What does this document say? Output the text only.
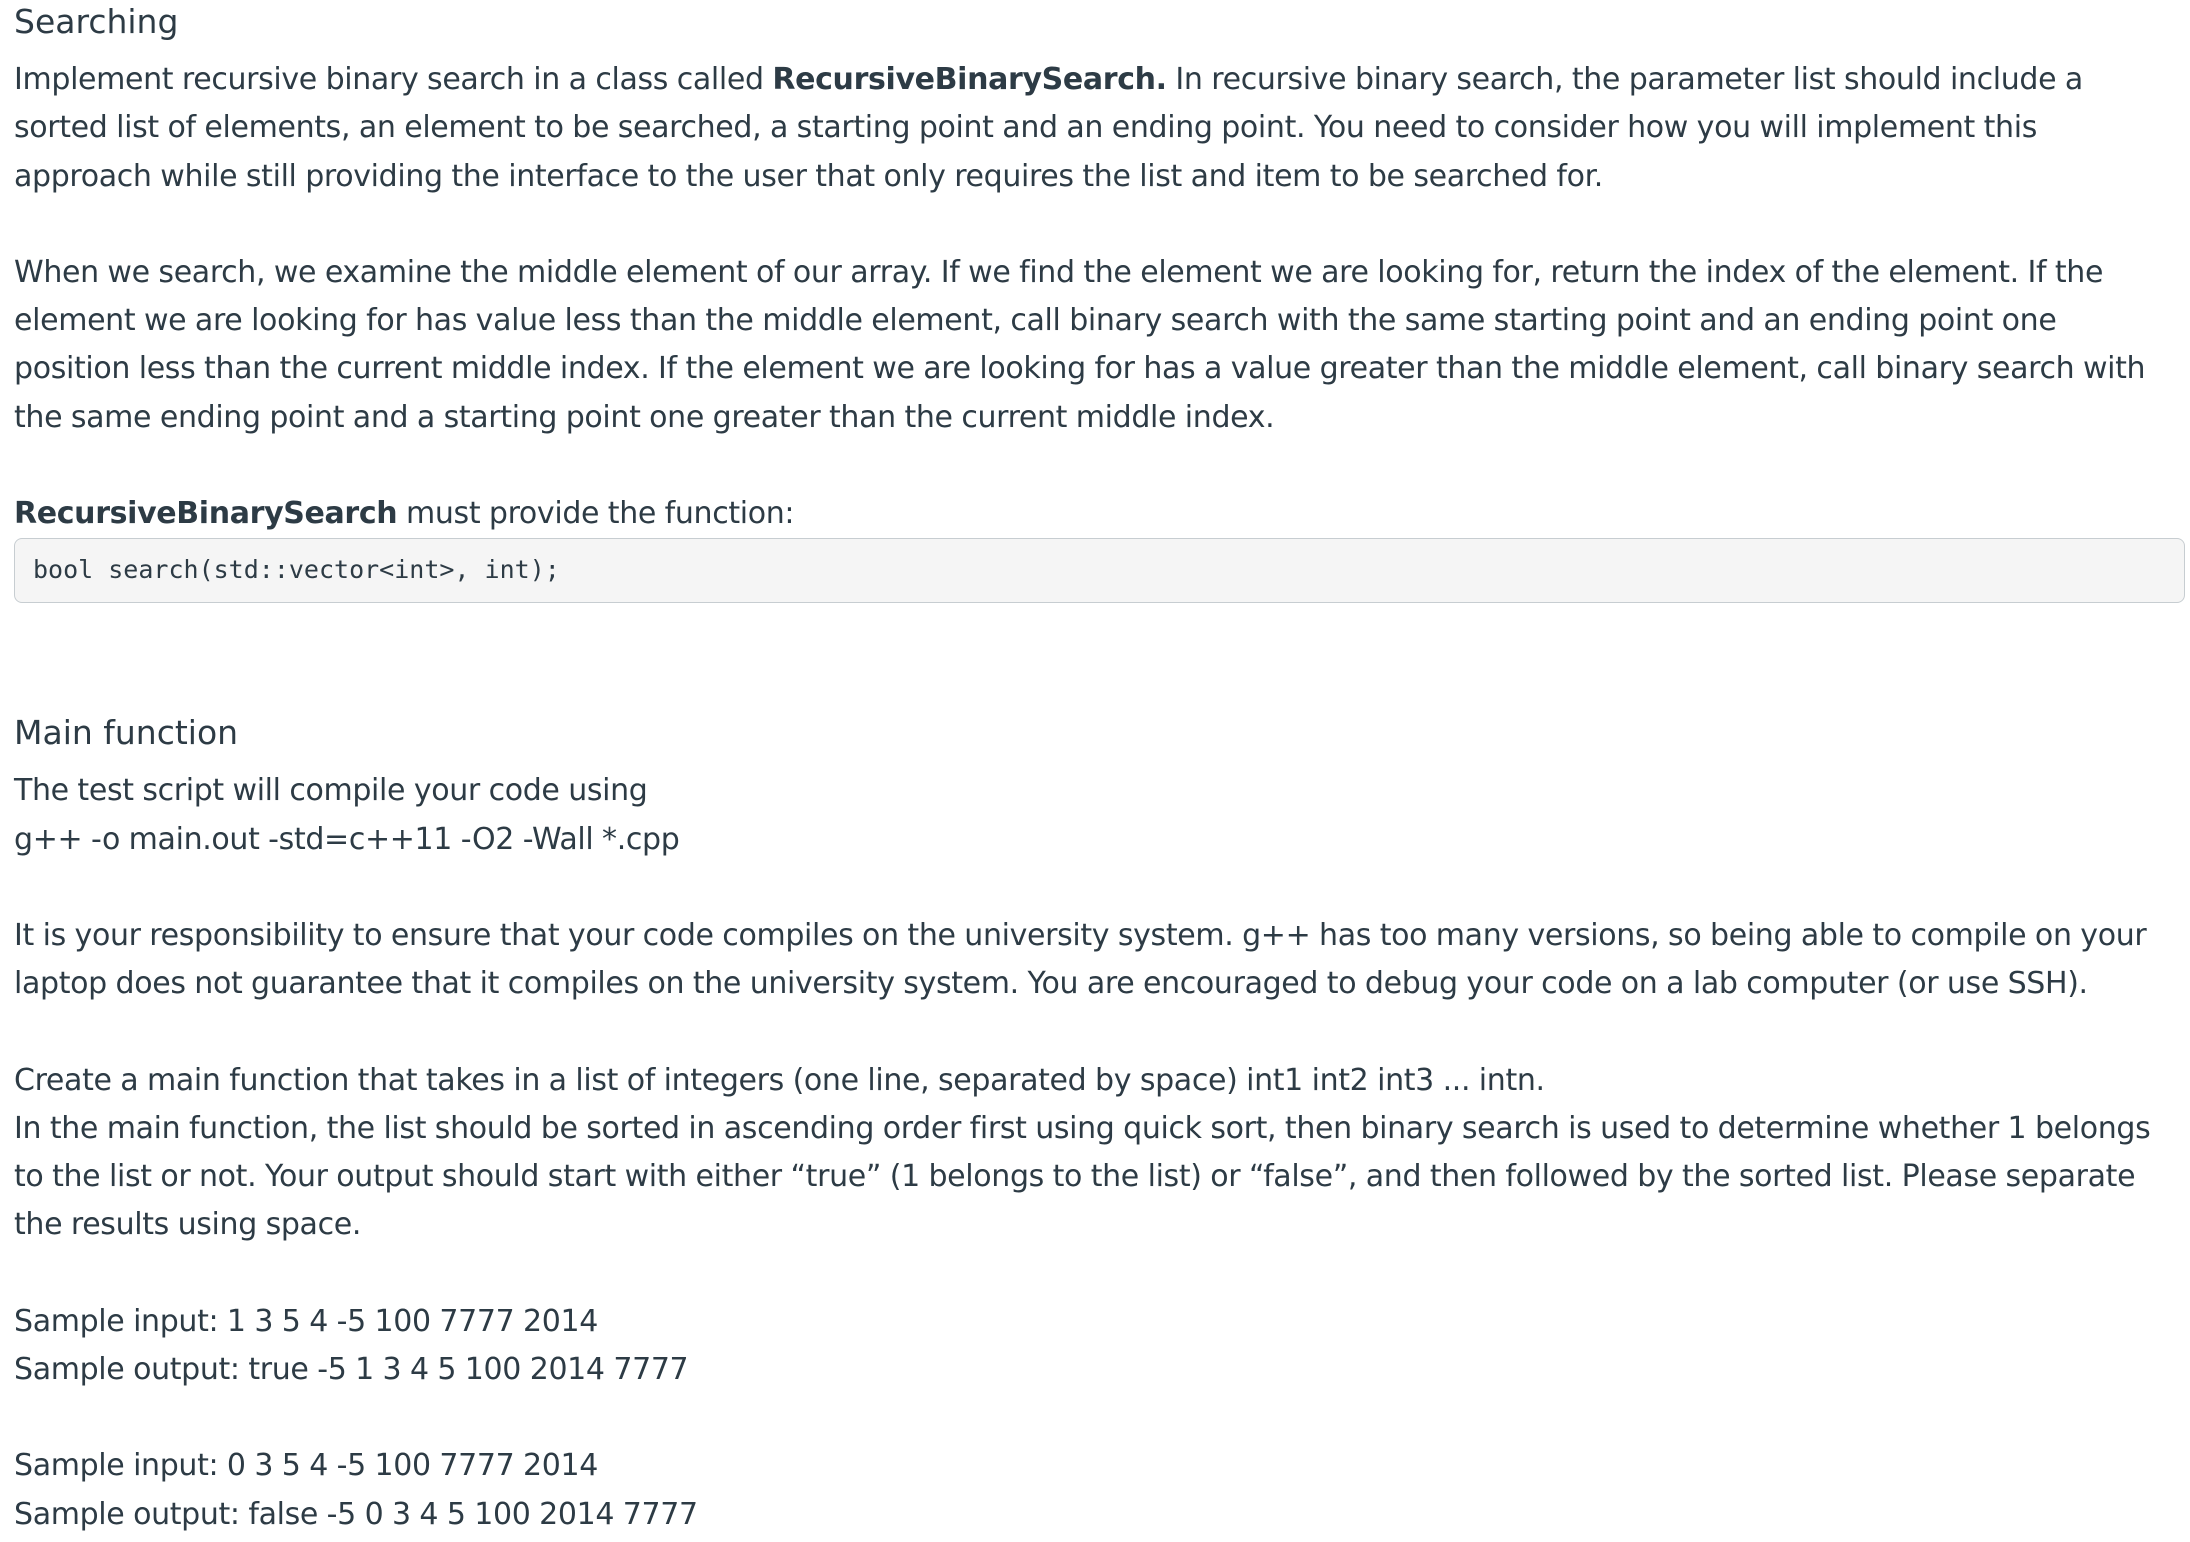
Searching

Implement recursive binary search in a class called RecursiveBinarySearch. In recursive binary search, the parameter list should include a sorted list of elements, an element to be searched, a starting point and an ending point. You need to consider how you will implement this approach while still providing the interface to the user that only requires the list and item to be searched for.

When we search, we examine the middle element of our array. If we find the element we are looking for, return the index of the element. If the element we are looking for has value less than the middle element, call binary search with the same starting point and an ending point one position less than the current middle index. If the element we are looking for has a value greater than the middle element, call binary search with the same ending point and a starting point one greater than the current middle index.

RecursiveBinarySearch must provide the function:

bool search(std::vector<int>, int);
Main function

The test script will compile your code using

g++ -o main.out -std=c++11 -O2 -Wall *.cpp

It is your responsibility to ensure that your code compiles on the university system. g++ has too many versions, so being able to compile on your laptop does not guarantee that it compiles on the university system. You are encouraged to debug your code on a lab computer (or use SSH).

Create a main function that takes in a list of integers (one line, separated by space) int1 int2 int3 ... intn.

In the main function, the list should be sorted in ascending order first using quick sort, then binary search is used to determine whether 1 belongs to the list or not. Your output should start with either “true” (1 belongs to the list) or “false”, and then followed by the sorted list. Please separate the results using space.

Sample input: 1 3 5 4 -5 100 7777 2014

Sample output: true -5 1 3 4 5 100 2014 7777

Sample input: 0 3 5 4 -5 100 7777 2014

Sample output: false -5 0 3 4 5 100 2014 7777
